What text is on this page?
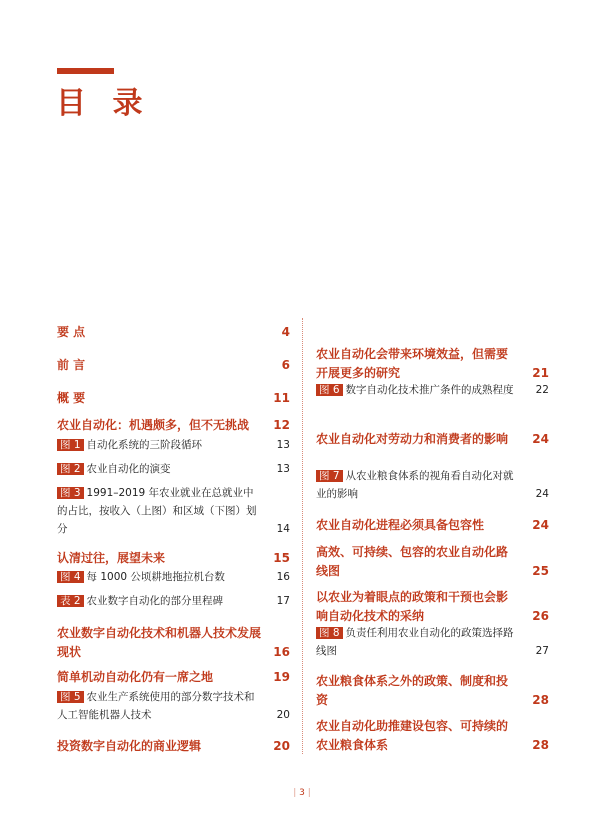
目 录
要 点	4
前 言	6
概 要	11
农业自动化：机遇颇多，但不无挑战	12
图 1 自动化系统的三阶段循环	13
图 2 农业自动化的演变	13
图 3 1991–2019 年农业就业在总就业中的占比，按收入（上图）和区域（下图）划分	14
认清过往，展望未来	15
图 4 每 1000 公顷耕地拖拉机台数	16
表 2 农业数字自动化的部分里程碑	17
农业数字自动化技术和机器人技术发展现状	16
简单机动自动化仍有一席之地	19
图 5 农业生产系统使用的部分数字技术和人工智能机器人技术	20
投资数字自动化的商业逻辑	20
农业自动化会带来环境效益，但需要开展更多的研究	21
图 6 数字自动化技术推广条件的成熟程度 22
农业自动化对劳动力和消费者的影响	24
图 7 从农业粮食体系的视角看自动化对就业的影响	24
农业自动化进程必须具备包容性	24
高效、可持续、包容的农业自动化路线图	25
以农业为着眼点的政策和干预也会影响自动化技术的采纳	26
图 8 负责任利用农业自动化的政策选择路线图	27
农业粮食体系之外的政策、制度和投资	28
农业自动化助推建设包容、可持续的农业粮食体系	28
| 3 |
